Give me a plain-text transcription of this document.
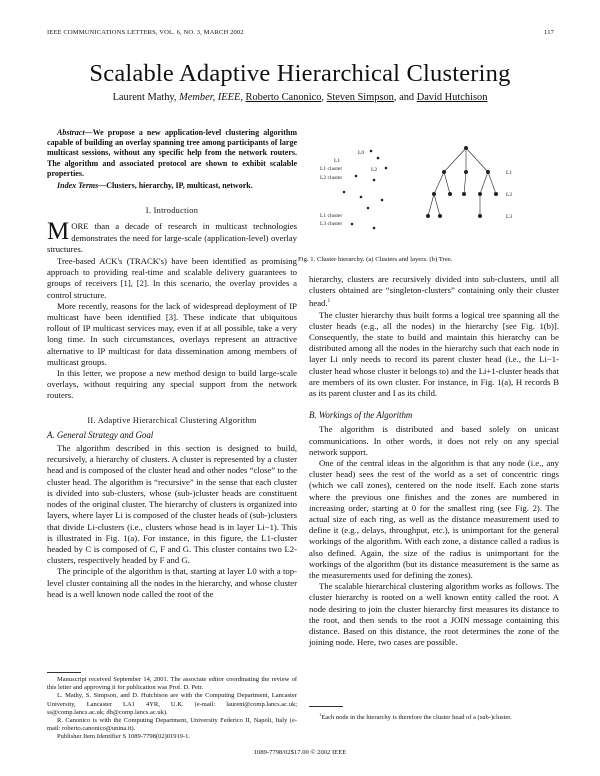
IEEE COMMUNICATIONS LETTERS, VOL. 6, NO. 3, MARCH 2002	117
Scalable Adaptive Hierarchical Clustering
Laurent Mathy, Member, IEEE, Roberto Canonico, Steven Simpson, and David Hutchison
Abstract—We propose a new application-level clustering algorithm capable of building an overlay spanning tree among participants of large multicast sessions, without any specific help from the network routers. The algorithm and associated protocol are shown to exhibit scalable properties.
Index Terms—Clusters, hierarchy, IP, multicast, network.
I. Introduction

MORE than a decade of research in multicast technologies demonstrates the need for large-scale (application-level) overlay structures.

Tree-based ACK's (TRACK's) have been identified as promising approach to providing real-time and scalable delivery guarantees to groups of receivers [1], [2]. In this scenario, the overlay provides a control structure.

More recently, reasons for the lack of widespread deployment of IP multicast have been identified [3]. These indicate that ubiquitous rollout of IP multicast services may, even if at all possible, take a very long time. In such circumstances, overlays represent an attractive alternative to IP multicast for data dissemination among members of multicast groups.

In this letter, we propose a new method design to build large-scale overlays, without requiring any special support from the network routers.

II. Adaptive Hierarchical Clustering Algorithm
A. General Strategy and Goal

The algorithm described in this section is designed to build, recursively, a hierarchy of clusters. A cluster is represented by a cluster head and is composed of the cluster head and other nodes “close” to the cluster head. The algorithm is “recursive” in the sense that each cluster is divided into sub-clusters, whose (sub-)cluster heads are constituent nodes of the original cluster. The hierarchy of clusters is organized into layers, where layer Li is composed of the cluster heads of (sub-)clusters that divide Li-clusters (i.e., clusters whose head is in layer Li−1). This is illustrated in Fig. 1(a). For instance, in this figure, the L1-cluster headed by C is composed of C, F and G. This cluster contains two L2-clusters, respectively headed by F and G.

The principle of the algorithm is that, starting at layer L0 with a top-level cluster containing all the nodes in the hierarchy, and whose cluster head is a well known node called the root of the

Manuscript received September 14, 2001. The associate editor coordinating the review of this letter and approving it for publication was Prof. D. Petr.

L. Mathy, S. Simpson, and D. Hutchison are with the Computing Department, Lancaster University, Lancaster LA1 4YR, U.K. (e-mail: laurent@comp.lancs.ac.uk; ss@comp.lancs.ac.uk; dh@comp.lancs.ac.uk).

R. Canonico is with the Computing Department, University Federico II, Napoli, Italy (e-mail: roberto.canonico@unina.it).

Publisher Item Identifier S 1089-7798(02)01919-1.

L0
L1
L1 cluster	L2
L2 cluster
L1 cluster
L3 cluster
L1
L2
L3
Fig. 1. Cluster hierarchy. (a) Clusters and layers. (b) Tree.

hierarchy, clusters are recursively divided into sub-clusters, until all clusters obtained are “singleton-clusters” containing only their cluster head.$^1$

The cluster hierarchy thus built forms a logical tree spanning all the cluster heads (e.g., all the nodes) in the hierarchy [see Fig. 1(b)]. Consequently, the state to build and maintain this hierarchy can be distributed among all the nodes in the hierarchy such that each node in layer Li only needs to record its parent cluster head (i.e., the Li−1-cluster head whose cluster it belongs to) and the Li+1-cluster heads that are members of its own cluster. For instance, in Fig. 1(a), H records B as its parent cluster and I as its child.

B. Workings of the Algorithm

The algorithm is distributed and based solely on unicast communications. In other words, it does not rely on any special network support.

One of the central ideas in the algorithm is that any node (i.e., any cluster head) sees the rest of the world as a set of concentric rings (which we call zones), centered on the node itself. Each zone starts where the previous one finishes and the zones are numbered in increasing order, starting at 0 for the smallest ring (see Fig. 2). The actual size of each ring, as well as the distance measurement used to define it (e.g., delays, throughput, etc.), is unimportant for the general workings of the algorithm. With each zone, a distance called a radius is also defined. Again, the size of the radius is unimportant for the workings of the algorithm (but its distance measurement is the same as the measurements used for defining the zones).

The scalable hierarchical clustering algorithm works as follows. The cluster hierarchy is rooted on a well known entity called the root. A node desiring to join the cluster hierarchy first measures its distance to the root, and then sends to the root a JOIN message containing this distance. Based on this distance, the root determines the zone of the joining node. Here, two cases are possible.

$^1$Each node in the hierarchy is therefore the cluster head of a (sub-)cluster.

1089-7798/02$17.00 © 2002 IEEE
